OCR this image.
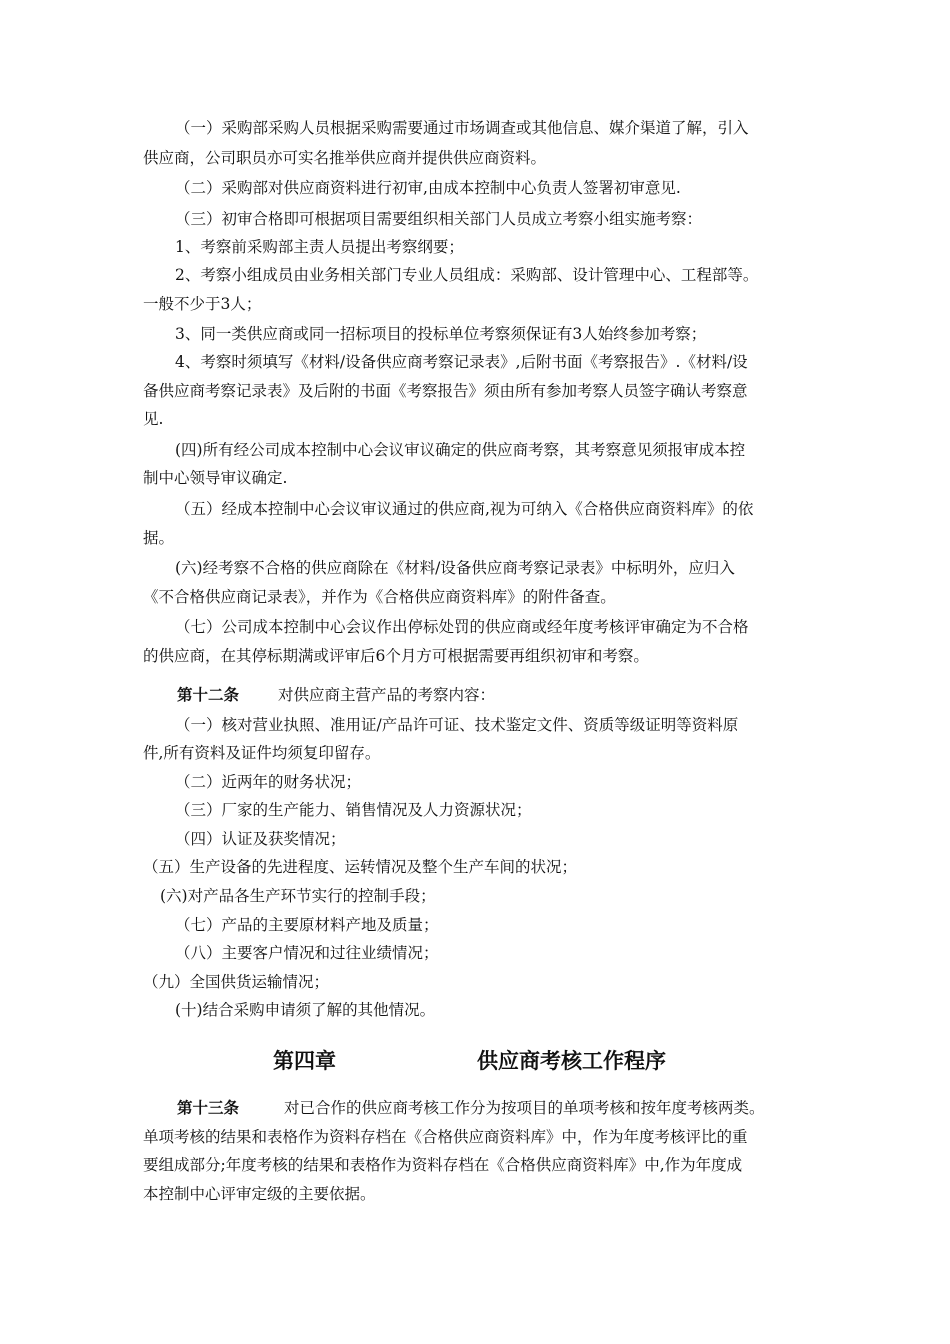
（一）采购部采购人员根据采购需要通过市场调查或其他信息、媒介渠道了解，引入
供应商，公司职员亦可实名推举供应商并提供供应商资料。
（二）采购部对供应商资料进行初审,由成本控制中心负责人签署初审意见.
（三）初审合格即可根据项目需要组织相关部门人员成立考察小组实施考察：
1、考察前采购部主责人员提出考察纲要；
2、考察小组成员由业务相关部门专业人员组成：采购部、设计管理中心、工程部等。
一般不少于3人；
3、同一类供应商或同一招标项目的投标单位考察须保证有3人始终参加考察；
4、考察时须填写《材料/设备供应商考察记录表》,后附书面《考察报告》.《材料/设
备供应商考察记录表》及后附的书面《考察报告》须由所有参加考察人员签字确认考察意
见.
(四)所有经公司成本控制中心会议审议确定的供应商考察，其考察意见须报审成本控
制中心领导审议确定.
（五）经成本控制中心会议审议通过的供应商,视为可纳入《合格供应商资料库》的依
据。
(六)经考察不合格的供应商除在《材料/设备供应商考察记录表》中标明外，应归入
《不合格供应商记录表》，并作为《合格供应商资料库》的附件备查。
（七）公司成本控制中心会议作出停标处罚的供应商或经年度考核评审确定为不合格
的供应商，在其停标期满或评审后6个月方可根据需要再组织初审和考察。
第十二条	对供应商主营产品的考察内容：
（一）核对营业执照、准用证/产品许可证、技术鉴定文件、资质等级证明等资料原
件,所有资料及证件均须复印留存。
（二）近两年的财务状况；
（三）厂家的生产能力、销售情况及人力资源状况；
（四）认证及获奖情况；
（五）生产设备的先进程度、运转情况及整个生产车间的状况；
(六)对产品各生产环节实行的控制手段；
（七）产品的主要原材料产地及质量；
（八）主要客户情况和过往业绩情况；
（九）全国供货运输情况；
(十)结合采购申请须了解的其他情况。
第四章	供应商考核工作程序
第十三条	对已合作的供应商考核工作分为按项目的单项考核和按年度考核两类。
单项考核的结果和表格作为资料存档在《合格供应商资料库》中，作为年度考核评比的重
要组成部分;年度考核的结果和表格作为资料存档在《合格供应商资料库》中,作为年度成
本控制中心评审定级的主要依据。
